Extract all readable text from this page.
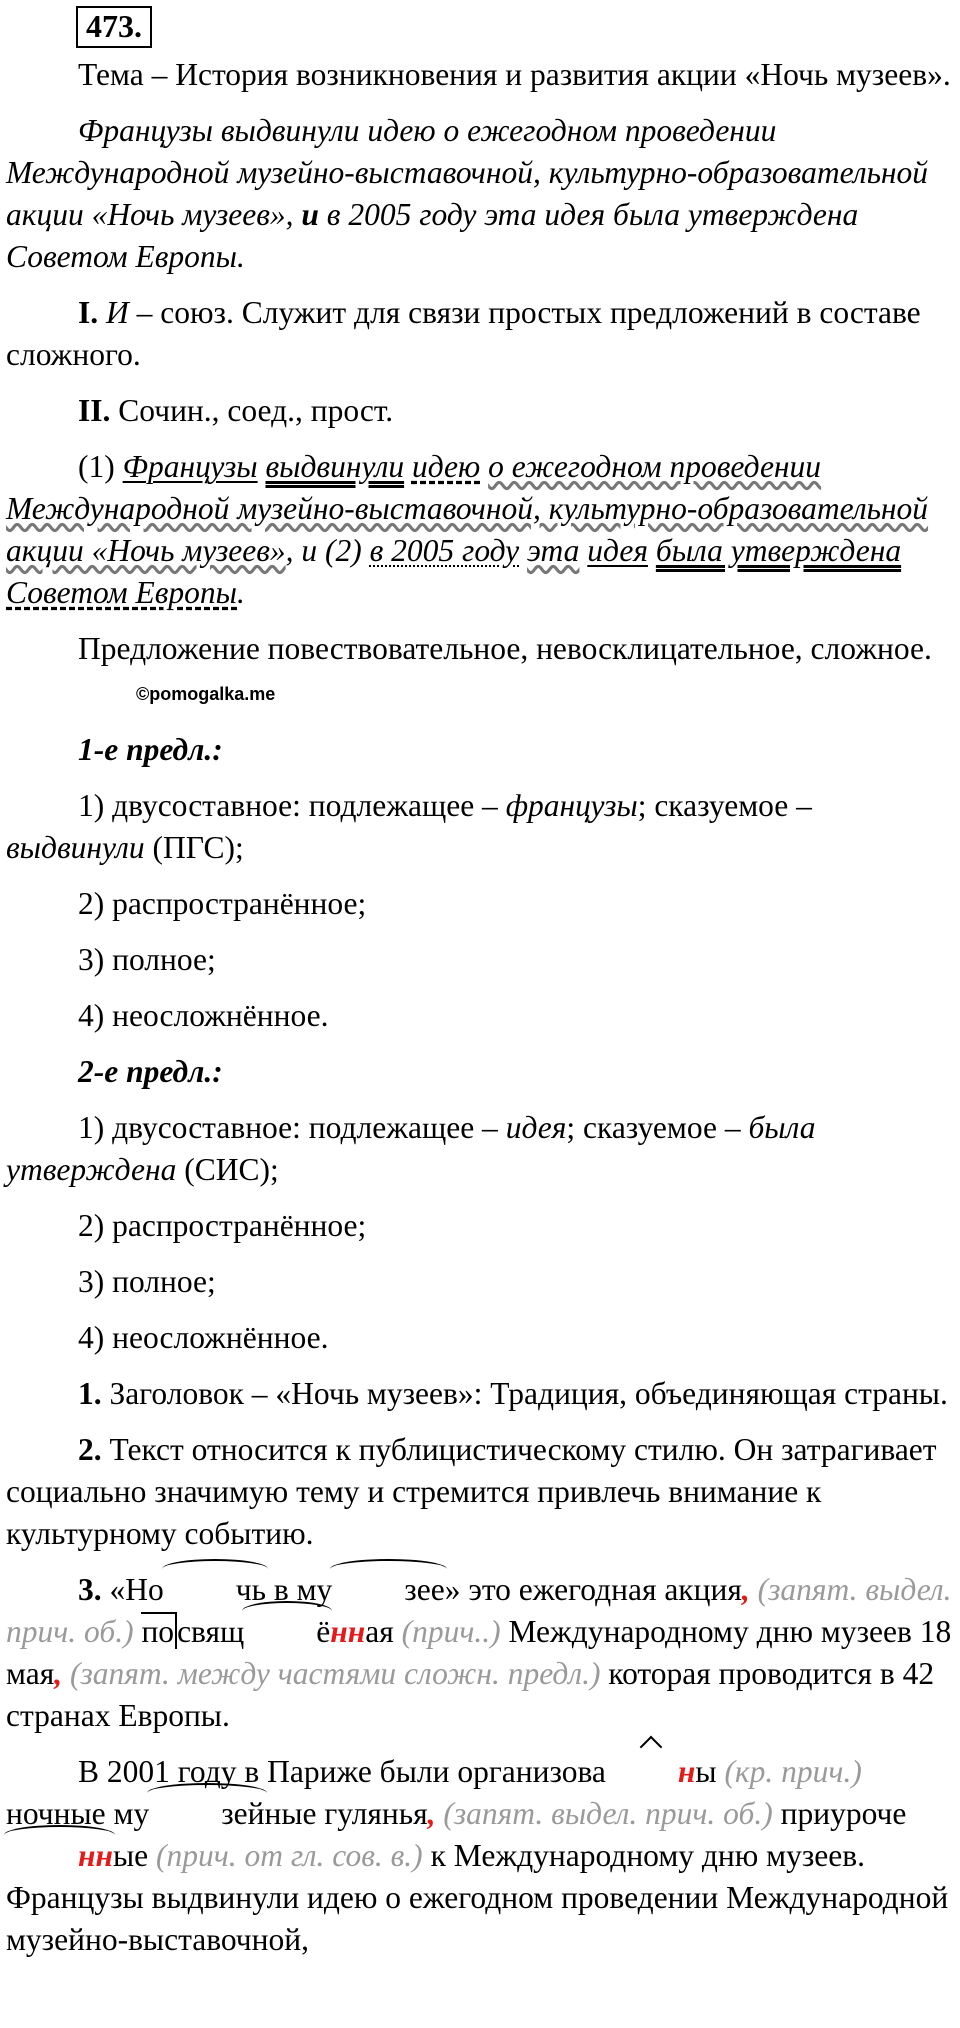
473.

Тема – История возникновения и развития акции «Ночь музеев».

Французы выдвинули идею о ежегодном проведении Международной музейно-выставочной, культурно-образовательной акции «Ночь музеев», и в 2005 году эта идея была утверждена Советом Европы.

I. И – союз. Служит для связи простых предложений в составе сложного.

II. Сочин., соед., прост.

(1) Французы выдвинули идею о ежегодном проведении Международной музейно-выставочной, культурно-образовательной акции «Ночь музеев», и (2) в 2005 году эта идея была утверждена Советом Европы.

Предложение повествовательное, невосклицательное, сложное.©pomogalka.me

1-е предл.:

1) двусоставное: подлежащее – французы; сказуемое – выдвинули (ПГС);

2) распространённое;

3) полное;

4) неосложнённое.

2-е предл.:

1) двусоставное: подлежащее – идея; сказуемое – была утверждена (СИС);

2) распространённое;

3) полное;

4) неосложнённое.

1. Заголовок – «Ночь музеев»: Традиция, объединяющая страны.

2. Текст относится к публицистическому стилю. Он затрагивает социально значимую тему и стремится привлечь внимание к культурному событию.

3. «Но чь в му зее» это ежегодная акция, (запят. выдел. прич. об.) посвящ ённая (прич..) Международному дню музеев 18 мая, (запят. между частями сложн. предл.) которая проводится в 42 странах Европы.

В 2001 году в Париже были организова ны (кр. прич.) ночные му зейные гулянья, (запят. выдел. прич. об.) приуроченные (прич. от гл. сов. в.) к Международному дню музеев. Французы выдвинули идею о ежегодном проведении Международной музейно-выставочной,
